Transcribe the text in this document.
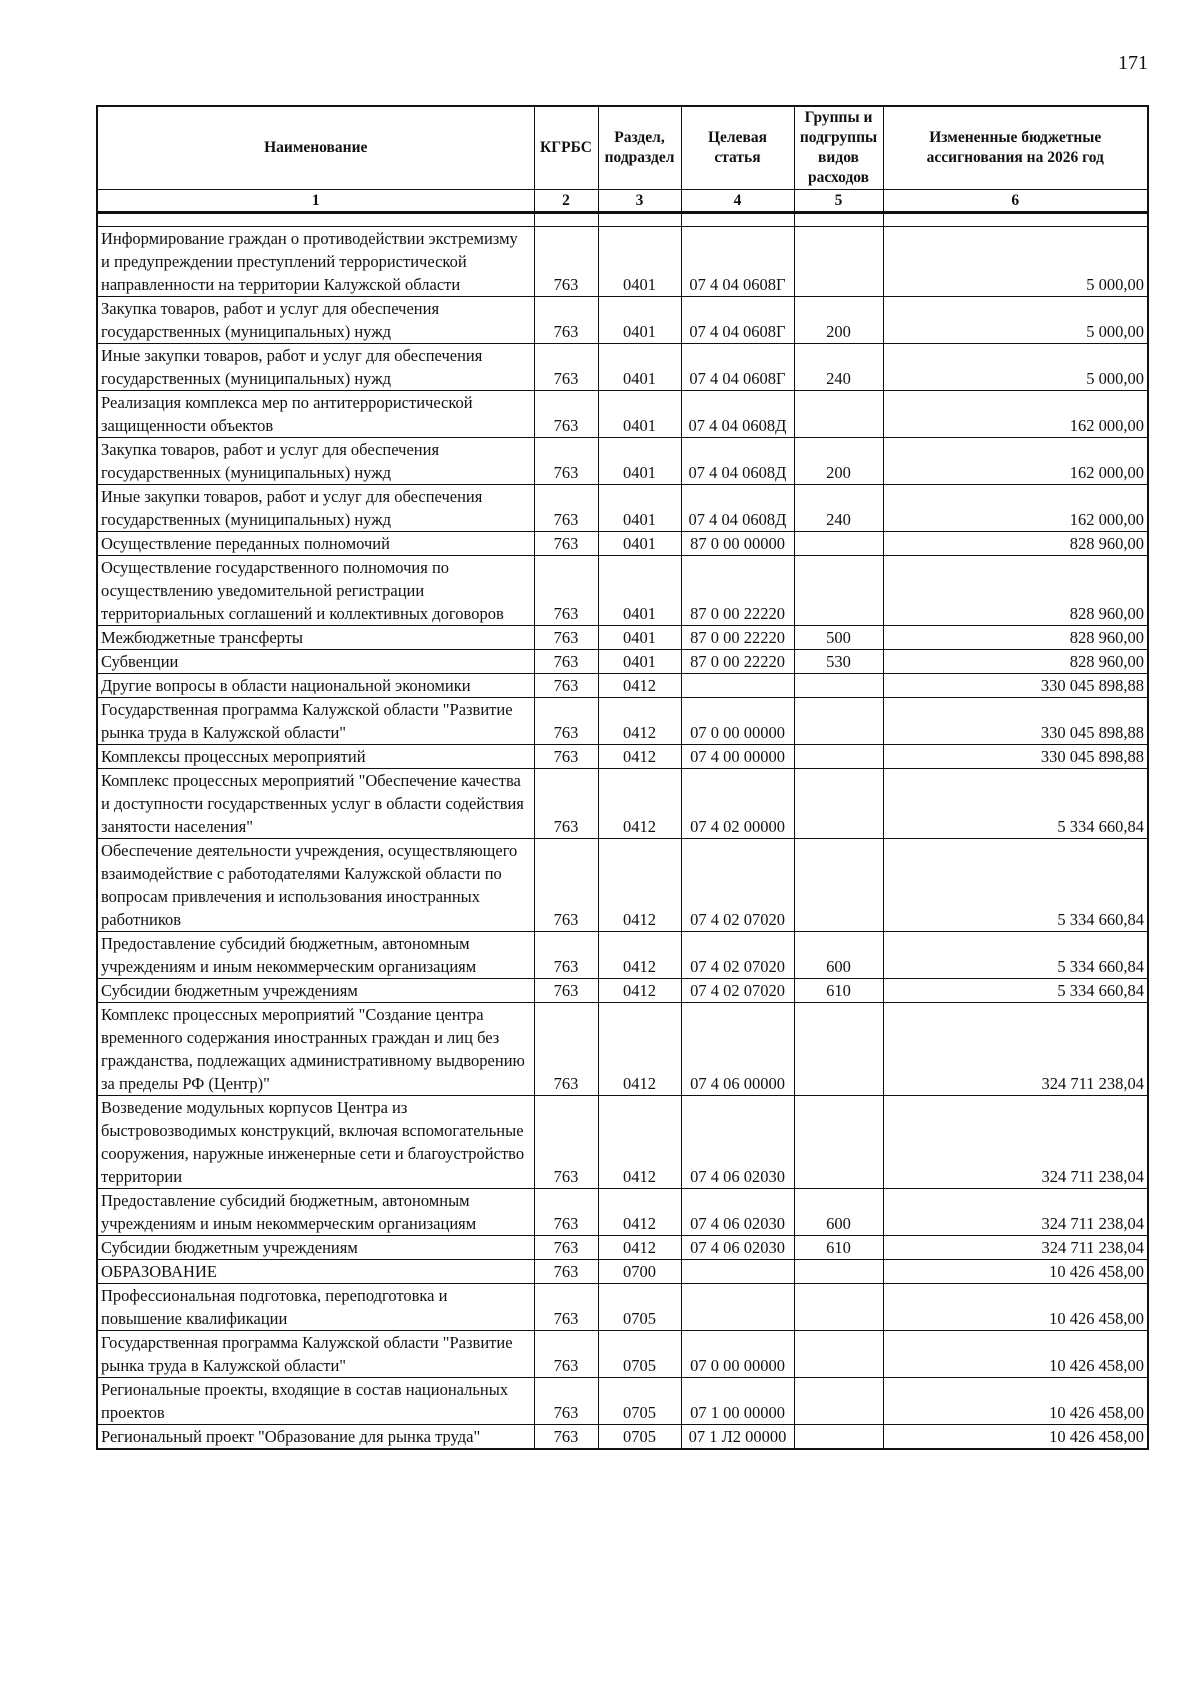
171
Наименование	КГРБС	Раздел, подраздел	Целевая статья	Группы и подгруппы видов расходов	Измененные бюджетные ассигнования на 2026 год
1	2	3	4	5	6

Информирование граждан о противодействии экстремизму и предупреждении преступлений террористической направленности на территории Калужской области	763	0401	07 4 04 0608Г		5 000,00
Закупка товаров, работ и услуг для обеспечения государственных (муниципальных) нужд	763	0401	07 4 04 0608Г	200	5 000,00
Иные закупки товаров, работ и услуг для обеспечения государственных (муниципальных) нужд	763	0401	07 4 04 0608Г	240	5 000,00
Реализация комплекса мер по антитеррористической защищенности объектов	763	0401	07 4 04 0608Д		162 000,00
Закупка товаров, работ и услуг для обеспечения государственных (муниципальных) нужд	763	0401	07 4 04 0608Д	200	162 000,00
Иные закупки товаров, работ и услуг для обеспечения государственных (муниципальных) нужд	763	0401	07 4 04 0608Д	240	162 000,00
Осуществление переданных полномочий	763	0401	87 0 00 00000		828 960,00
Осуществление государственного полномочия по осуществлению уведомительной регистрации территориальных соглашений и коллективных договоров	763	0401	87 0 00 22220		828 960,00
Межбюджетные трансферты	763	0401	87 0 00 22220	500	828 960,00
Субвенции	763	0401	87 0 00 22220	530	828 960,00
Другие вопросы в области национальной экономики	763	0412			330 045 898,88
Государственная программа Калужской области "Развитие рынка труда в Калужской области"	763	0412	07 0 00 00000		330 045 898,88
Комплексы процессных мероприятий	763	0412	07 4 00 00000		330 045 898,88
Комплекс процессных мероприятий "Обеспечение качества и доступности государственных услуг в области содействия занятости населения"	763	0412	07 4 02 00000		5 334 660,84
Обеспечение деятельности учреждения, осуществляющего взаимодействие с работодателями Калужской области по вопросам привлечения и использования иностранных работников	763	0412	07 4 02 07020		5 334 660,84
Предоставление субсидий бюджетным, автономным учреждениям и иным некоммерческим организациям	763	0412	07 4 02 07020	600	5 334 660,84
Субсидии бюджетным учреждениям	763	0412	07 4 02 07020	610	5 334 660,84
Комплекс процессных мероприятий "Создание центра временного содержания иностранных граждан и лиц без гражданства, подлежащих административному выдворению за пределы РФ (Центр)"	763	0412	07 4 06 00000		324 711 238,04
Возведение модульных корпусов Центра из быстровозводимых конструкций, включая вспомогательные сооружения, наружные инженерные сети и благоустройство территории	763	0412	07 4 06 02030		324 711 238,04
Предоставление субсидий бюджетным, автономным учреждениям и иным некоммерческим организациям	763	0412	07 4 06 02030	600	324 711 238,04
Субсидии бюджетным учреждениям	763	0412	07 4 06 02030	610	324 711 238,04
ОБРАЗОВАНИЕ	763	0700			10 426 458,00
Профессиональная подготовка, переподготовка и повышение квалификации	763	0705			10 426 458,00
Государственная программа Калужской области "Развитие рынка труда в Калужской области"	763	0705	07 0 00 00000		10 426 458,00
Региональные проекты, входящие в состав национальных проектов	763	0705	07 1 00 00000		10 426 458,00
Региональный проект "Образование для рынка труда"	763	0705	07 1 Л2 00000		10 426 458,00
